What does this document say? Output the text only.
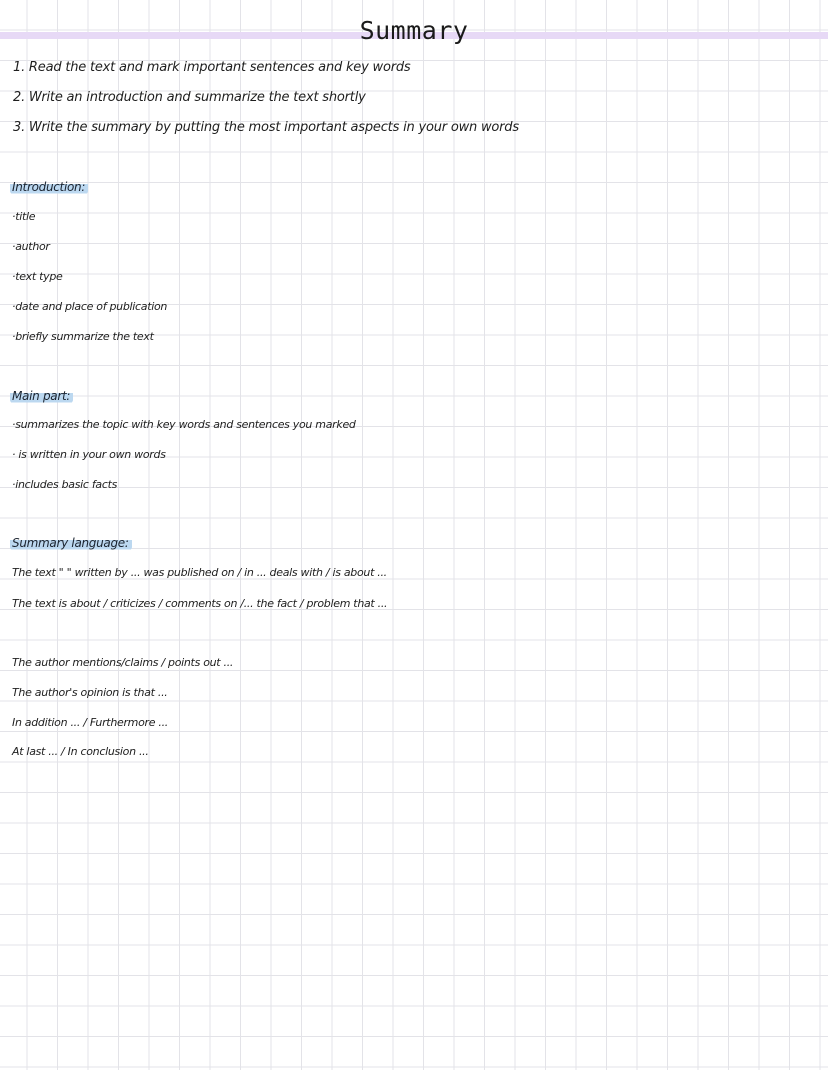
Summary
1. Read the text and mark important sentences and key words
2. Write an introduction and summarize the text shortly
3. Write the summary by putting the most important aspects in your own words
Introduction:
·title
·author
·text type
·date and place of publication
·briefly summarize the text
Main part:
·summarizes the topic with key words and sentences you marked
· is written in your own words
·includes basic facts
Summary language:
The text " " written by ... was published on / in ... deals with / is about ...
The text is about / criticizes / comments on /... the fact / problem that ...
The author mentions/claims / points out ...
The author's opinion is that ...
In addition ... / Furthermore ...
At last ... / In conclusion ...
